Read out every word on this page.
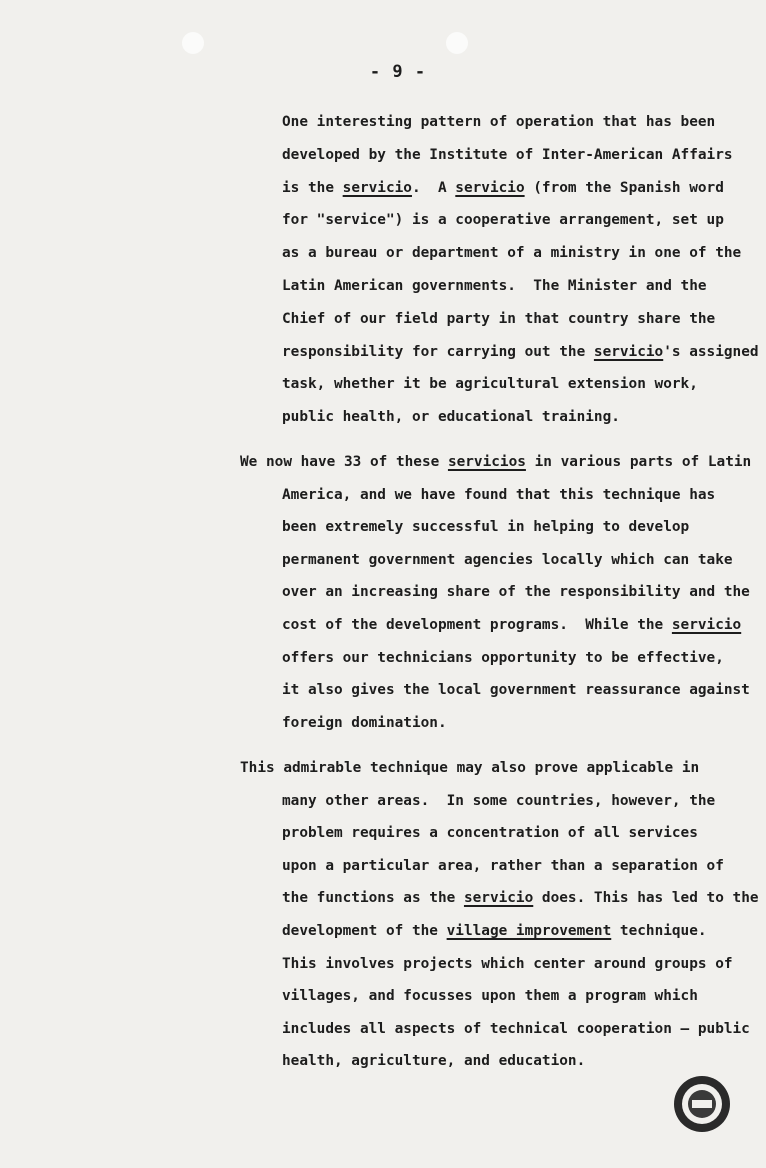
- 9 -
One interesting pattern of operation that has been
developed by the Institute of Inter-American Affairs
is the servicio.  A servicio (from the Spanish word
for "service") is a cooperative arrangement, set up
as a bureau or department of a ministry in one of the
Latin American governments.  The Minister and the
Chief of our field party in that country share the
responsibility for carrying out the servicio's assigned
task, whether it be agricultural extension work,
public health, or educational training.
We now have 33 of these servicios in various parts of Latin
America, and we have found that this technique has
been extremely successful in helping to develop
permanent government agencies locally which can take
over an increasing share of the responsibility and the
cost of the development programs.  While the servicio
offers our technicians opportunity to be effective,
it also gives the local government reassurance against
foreign domination.
This admirable technique may also prove applicable in
many other areas.  In some countries, however, the
problem requires a concentration of all services
upon a particular area, rather than a separation of
the functions as the servicio does. This has led to the
development of the village improvement technique.
This involves projects which center around groups of
villages, and focusses upon them a program which
includes all aspects of technical cooperation — public
health, agriculture, and education.
